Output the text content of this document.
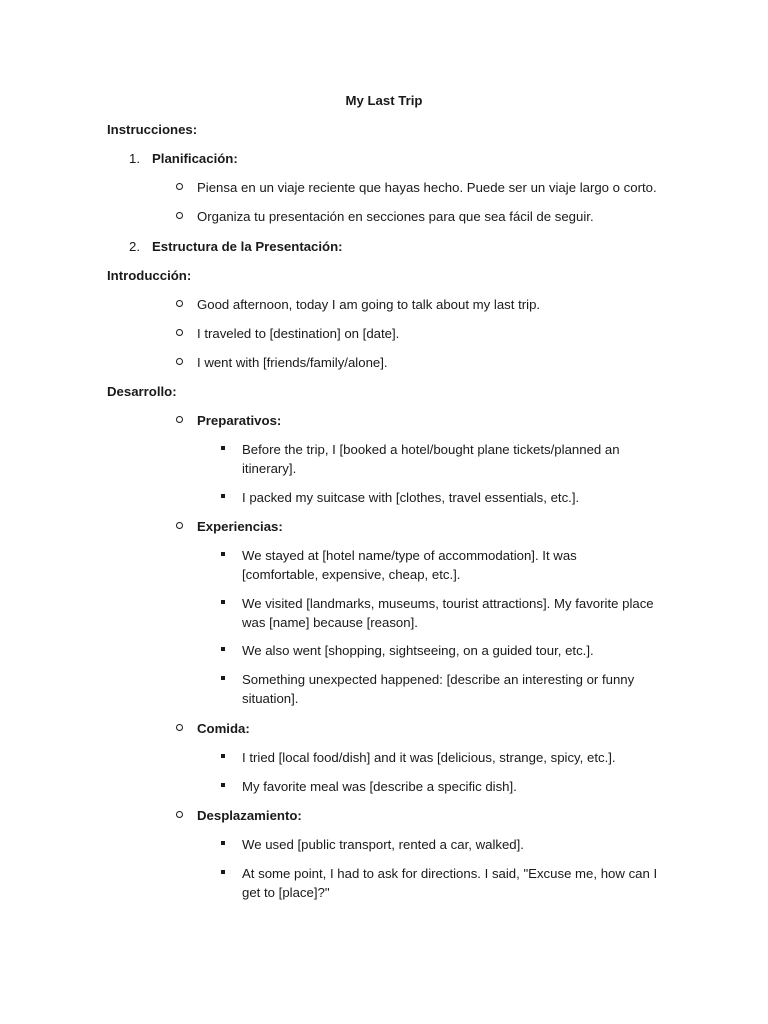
My Last Trip
Instrucciones:
1. Planificación:
Piensa en un viaje reciente que hayas hecho. Puede ser un viaje largo o corto.
Organiza tu presentación en secciones para que sea fácil de seguir.
2. Estructura de la Presentación:
Introducción:
Good afternoon, today I am going to talk about my last trip.
I traveled to [destination] on [date].
I went with [friends/family/alone].
Desarrollo:
Preparativos:
Before the trip, I [booked a hotel/bought plane tickets/planned an itinerary].
I packed my suitcase with [clothes, travel essentials, etc.].
Experiencias:
We stayed at [hotel name/type of accommodation]. It was [comfortable, expensive, cheap, etc.].
We visited [landmarks, museums, tourist attractions]. My favorite place was [name] because [reason].
We also went [shopping, sightseeing, on a guided tour, etc.].
Something unexpected happened: [describe an interesting or funny situation].
Comida:
I tried [local food/dish] and it was [delicious, strange, spicy, etc.].
My favorite meal was [describe a specific dish].
Desplazamiento:
We used [public transport, rented a car, walked].
At some point, I had to ask for directions. I said, "Excuse me, how can I get to [place]?"
